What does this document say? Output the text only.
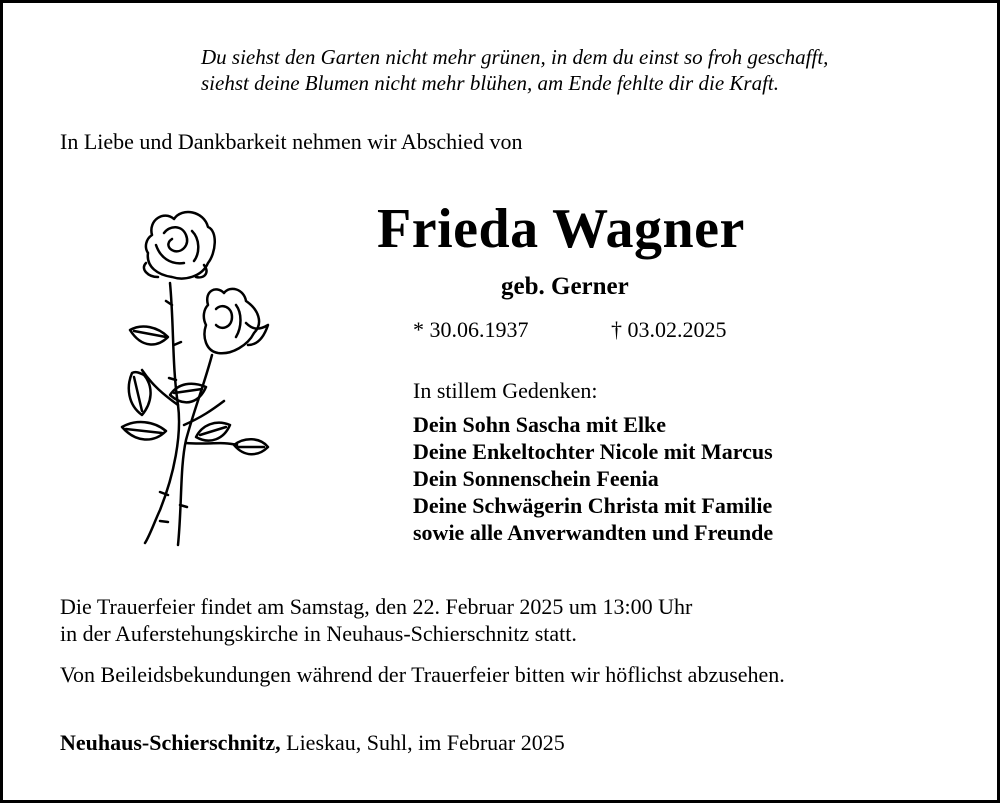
Du siehst den Garten nicht mehr grünen, in dem du einst so froh geschafft,
siehst deine Blumen nicht mehr blühen, am Ende fehlte dir die Kraft.
In Liebe und Dankbarkeit nehmen wir Abschied von
Frieda Wagner
geb. Gerner
* 30.06.1937	† 03.02.2025
In stillem Gedenken:
Dein Sohn Sascha mit Elke
Deine Enkeltochter Nicole mit Marcus
Dein Sonnenschein Feenia
Deine Schwägerin Christa mit Familie
sowie alle Anverwandten und Freunde
Die Trauerfeier findet am Samstag, den 22. Februar 2025 um 13:00 Uhr
in der Auferstehungskirche in Neuhaus-Schierschnitz statt.
Von Beileidsbekundungen während der Trauerfeier bitten wir höflichst abzusehen.
Neuhaus-Schierschnitz, Lieskau, Suhl, im Februar 2025
